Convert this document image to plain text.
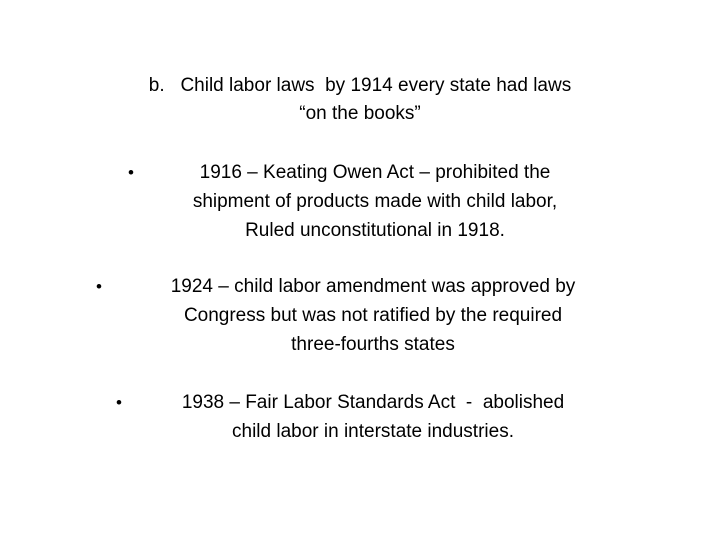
b.   Child labor laws  by 1914 every state had laws
“on the books”
•	1916 – Keating Owen Act – prohibited the
shipment of products made with child labor,
Ruled unconstitutional in 1918.
•	1924 – child labor amendment was approved by
Congress but was not ratified by the required
three-fourths states
•	1938 – Fair Labor Standards Act  -  abolished
child labor in interstate industries.
